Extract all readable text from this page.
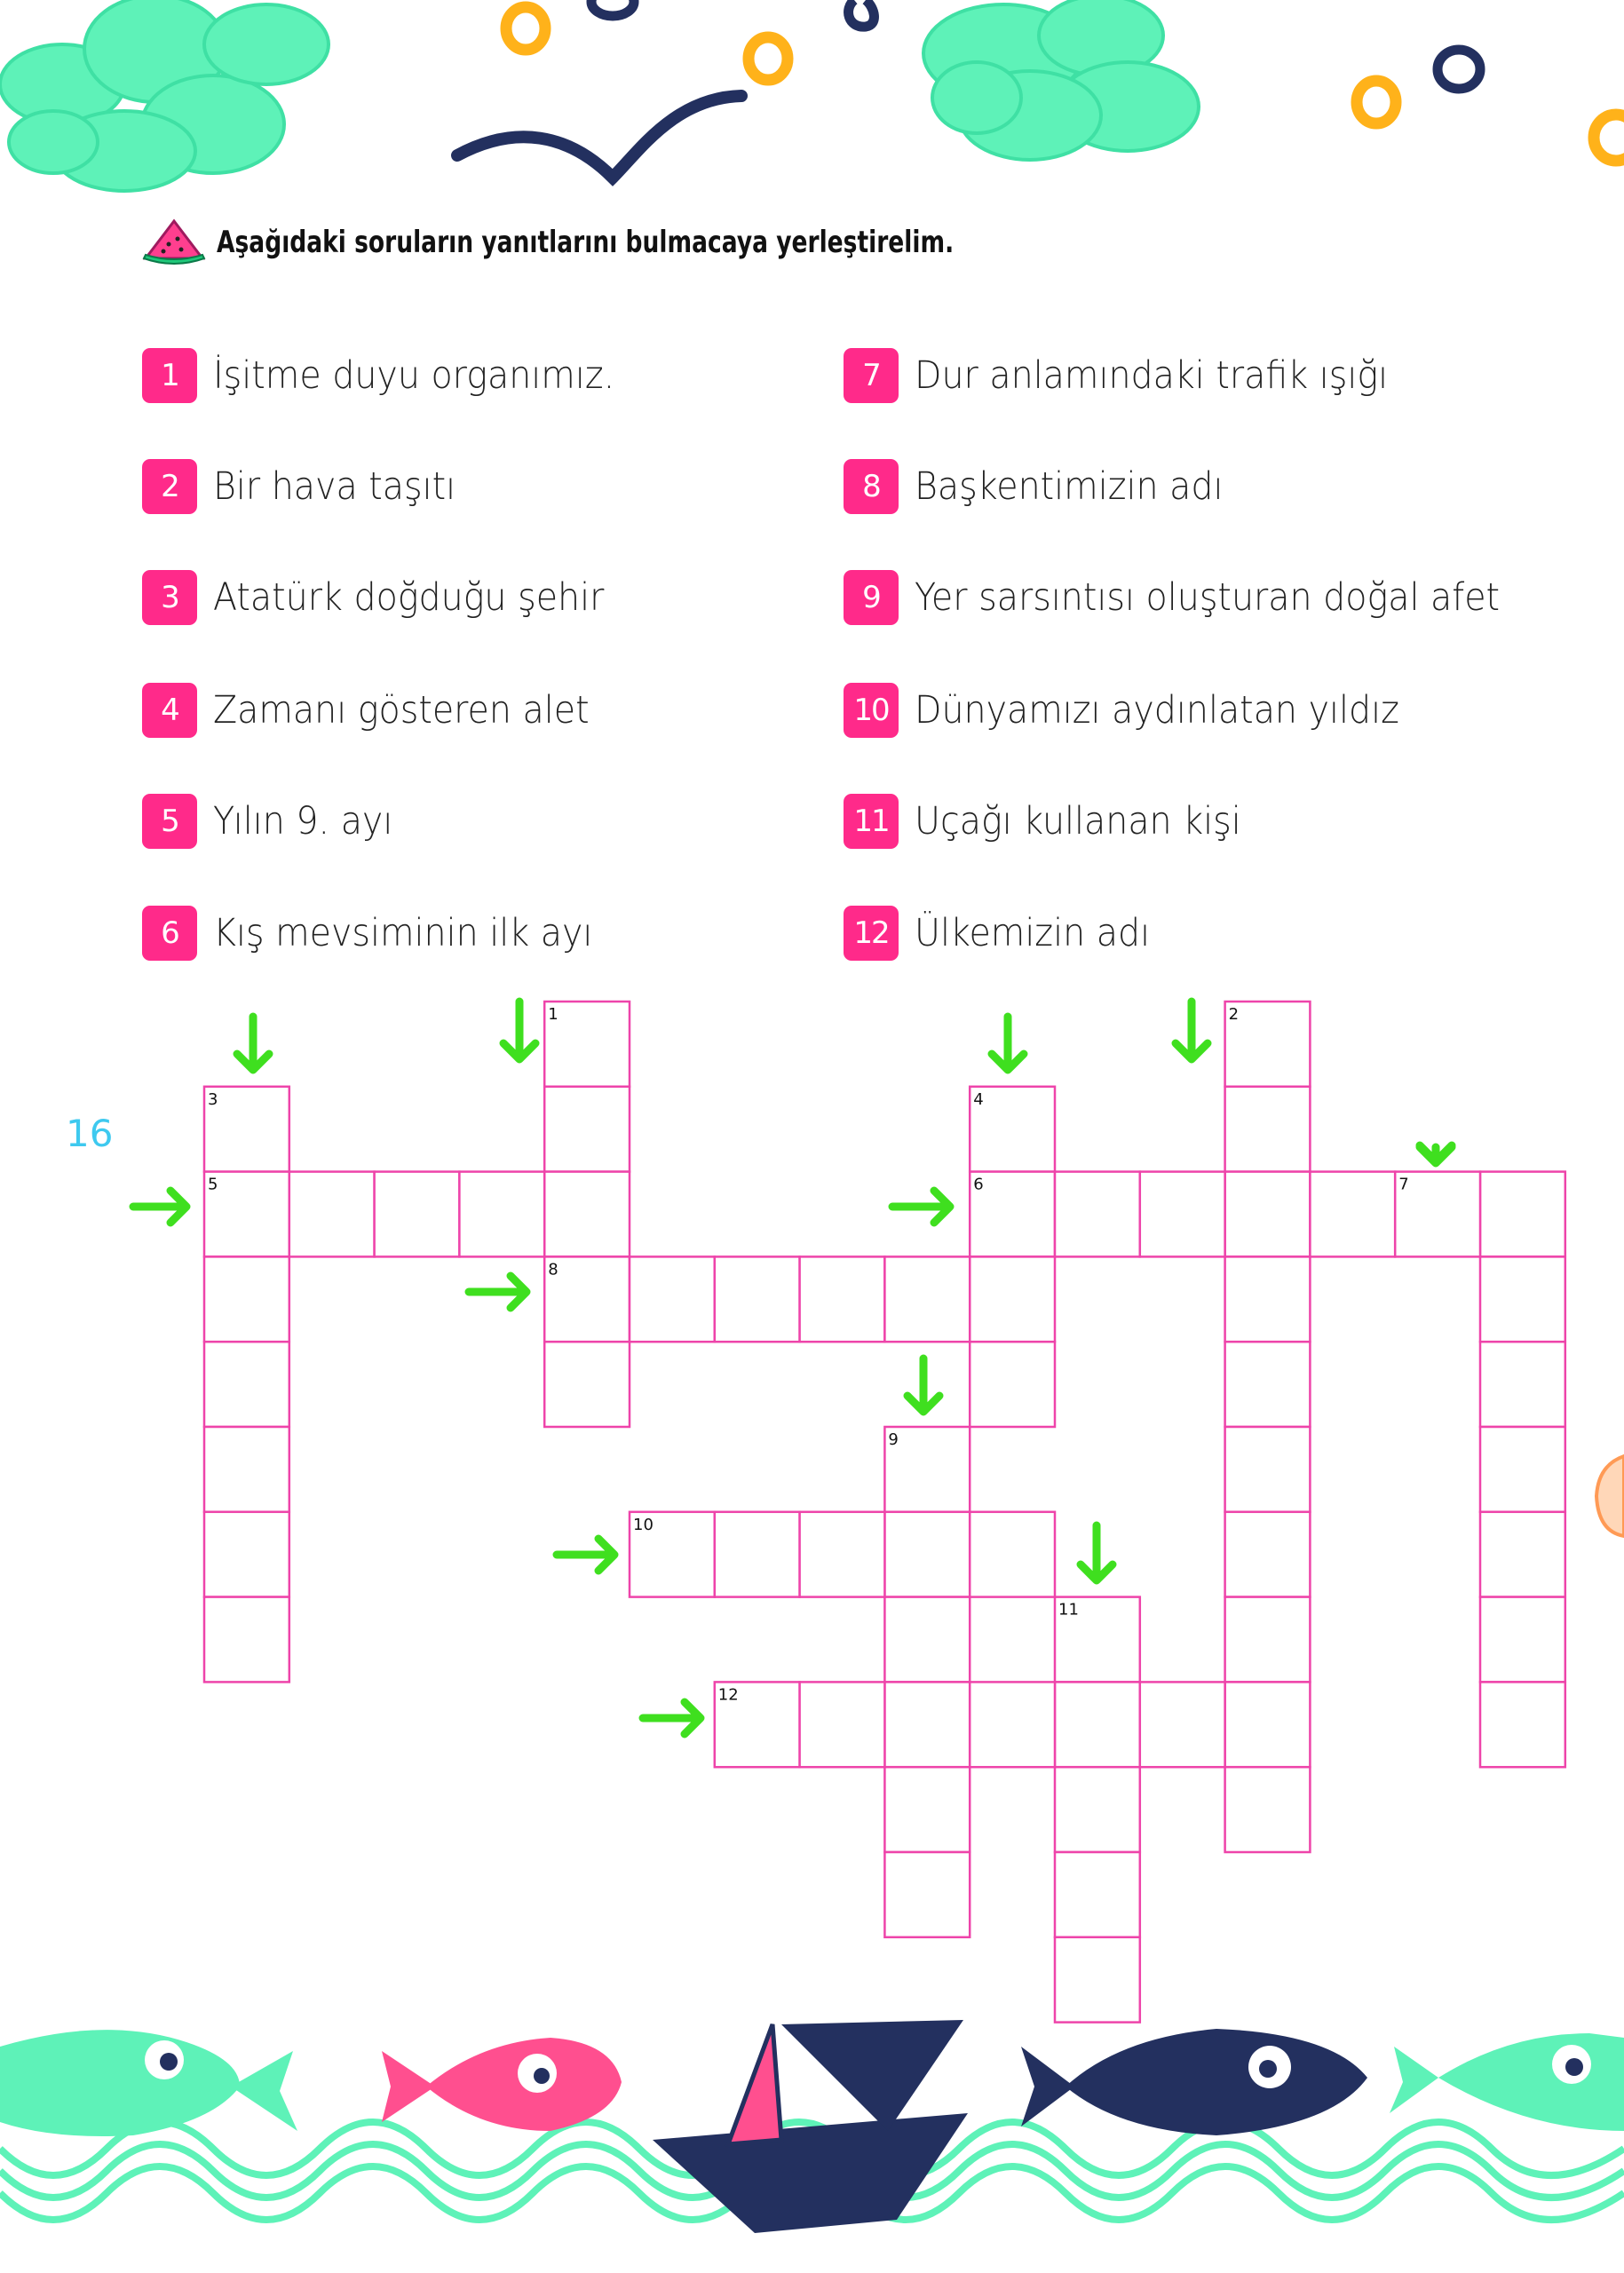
Aşağıdaki soruların yanıtlarını bulmacaya yerleştirelim.
1 İşitme duyu organımız.
2 Bir hava taşıtı
3 Atatürk doğduğu şehir
4 Zamanı gösteren alet
5 Yılın 9. ayı
6 Kış mevsiminin ilk ayı
7 Dur anlamındaki trafik ışığı
8 Başkentimizin adı
9 Yer sarsıntısı oluşturan doğal afet
10 Dünyamızı aydınlatan yıldız
11 Uçağı kullanan kişi
12 Ülkemizin adı
16
1	2
3	4
5	6	7
8
9
10
11
12
